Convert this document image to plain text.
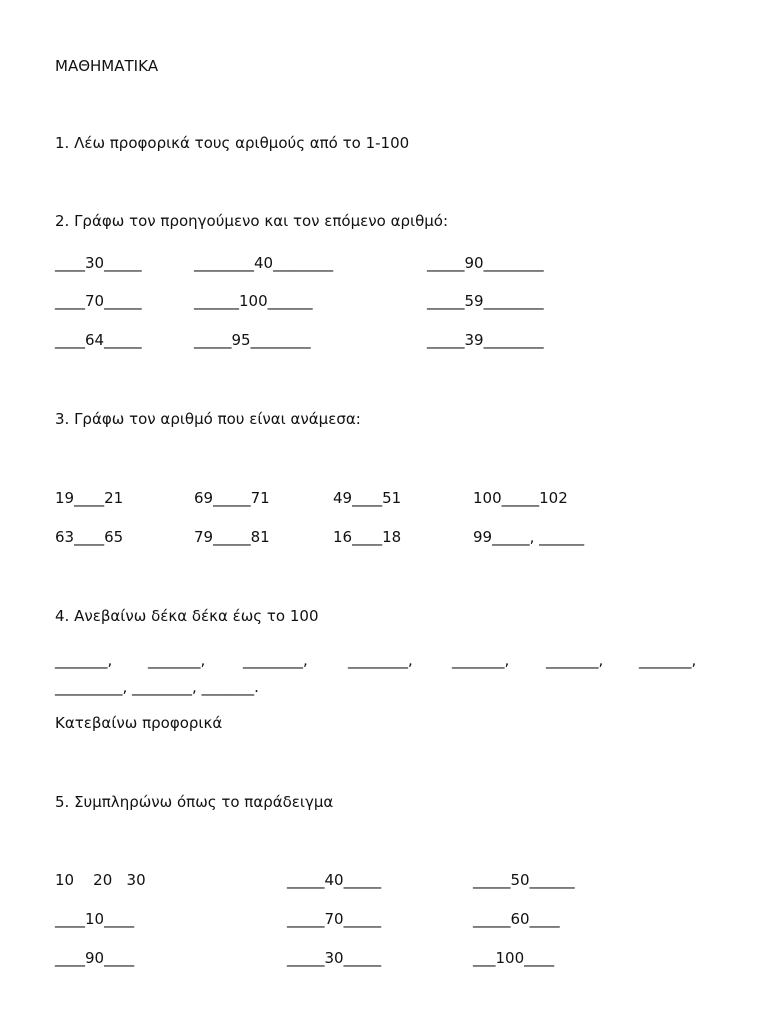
ΜΑΘΗΜΑΤΙΚΑ
1. Λέω προφορικά τους αριθμούς από το 1-100
2. Γράφω τον προηγούμενο και τον επόμενο αριθμό:
____30_____	________40________	_____90________
____70_____	______100______	_____59________
____64_____	_____95________	_____39________
3. Γράφω τον αριθμό που είναι ανάμεσα:
19____21	69_____71	49____51	100_____102
63____65	79_____81	16____18	99_____, ______
4. Ανεβαίνω δέκα δέκα έως το 100
_______, _______,	________,	________,	_______, _______, _______,
_________, ________, _______.
Κατεβαίνω προφορικά
5. Συμπληρώνω όπως το παράδειγμα
10    20   30	_____40_____	_____50______
____10____	_____70_____	_____60____
____90____	_____30_____	___100____
